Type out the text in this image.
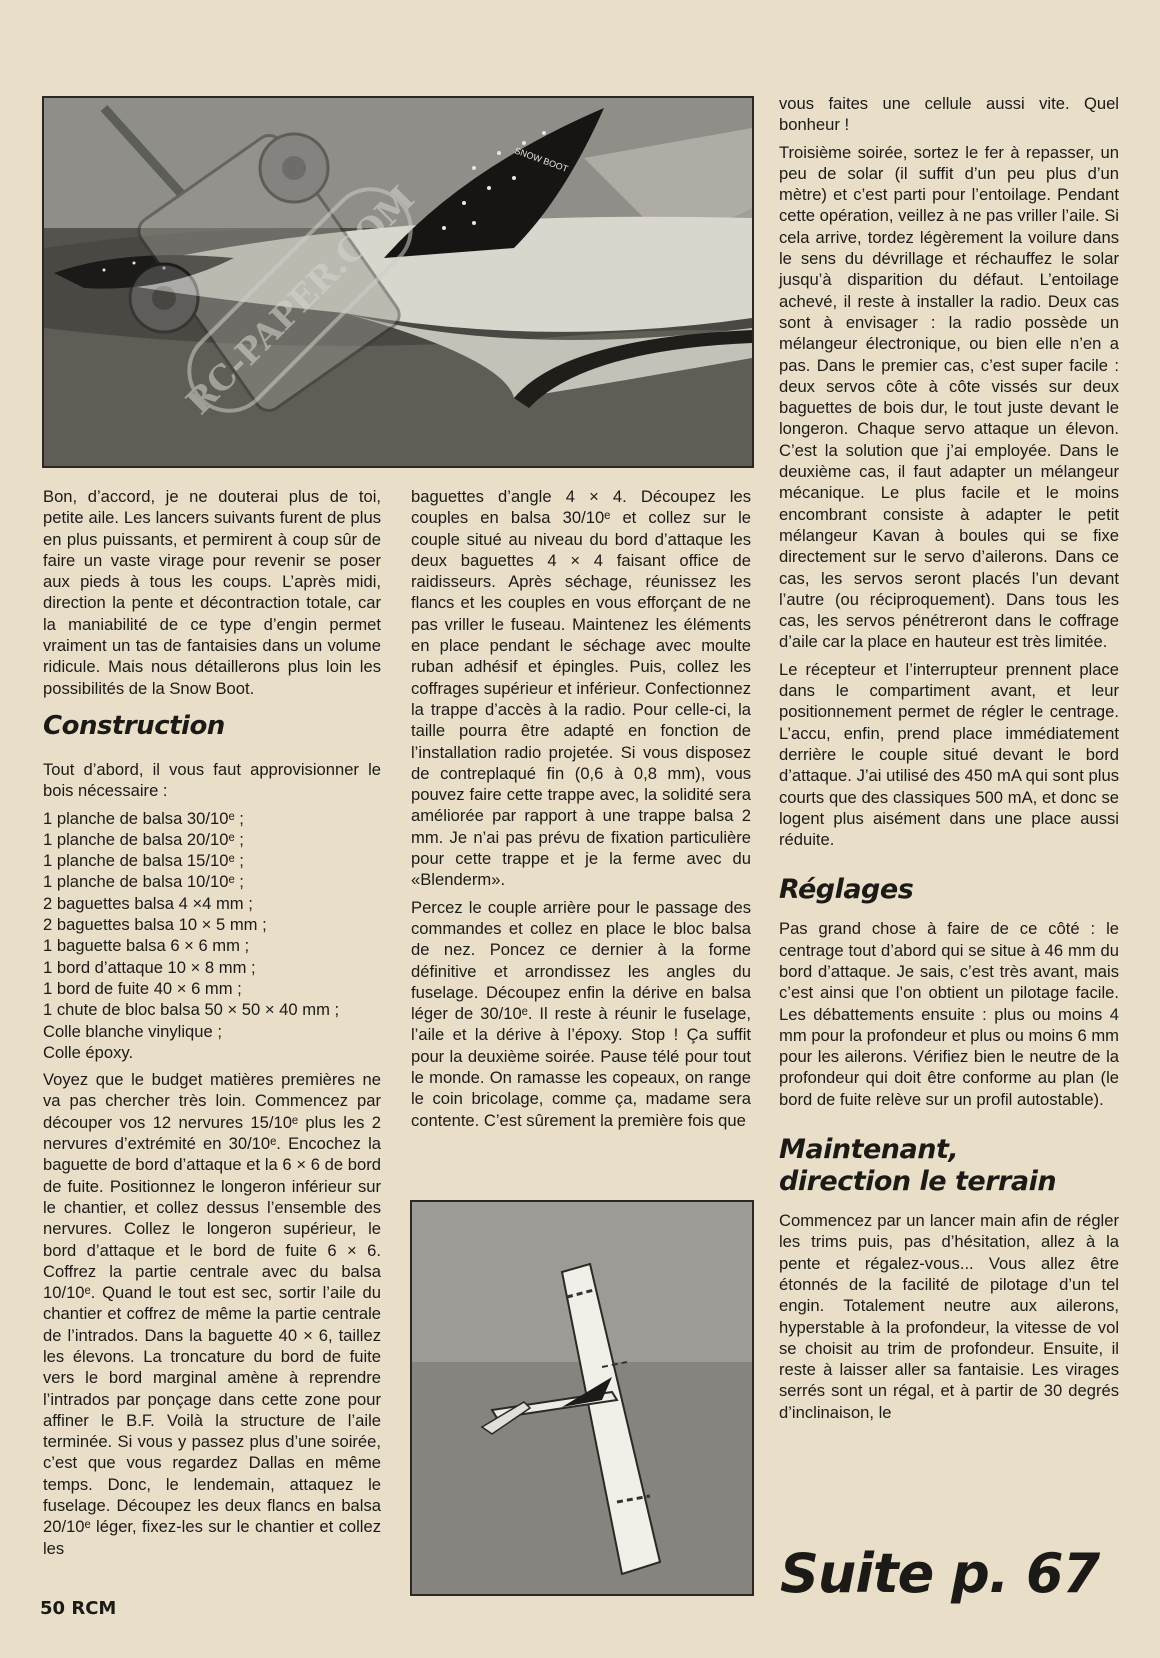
SNOW BOOT
RC-PAPER.COM

Bon, d’accord, je ne douterai plus de toi, petite aile. Les lancers suivants furent de plus en plus puissants, et permirent à coup sûr de faire un vaste virage pour revenir se poser aux pieds à tous les coups. L’après midi, direction la pente et décontraction totale, car la maniabilité de ce type d’engin permet vraiment un tas de fantaisies dans un volume ridicule. Mais nous détaillerons plus loin les possibilités de la Snow Boot.

Construction

Tout d’abord, il vous faut approvisionner le bois nécessaire :

1 planche de balsa 30/10ᵉ ;
1 planche de balsa 20/10ᵉ ;
1 planche de balsa 15/10ᵉ ;
1 planche de balsa 10/10ᵉ ;
2 baguettes balsa 4 ×4 mm ;
2 baguettes balsa 10 × 5 mm ;
1 baguette balsa 6 × 6 mm ;
1 bord d’attaque 10 × 8 mm ;
1 bord de fuite 40 × 6 mm ;
1 chute de bloc balsa 50 × 50 × 40 mm ;
Colle blanche vinylique ;
Colle époxy.

Voyez que le budget matières premières ne va pas chercher très loin. Commencez par découper vos 12 nervures 15/10ᵉ plus les 2 nervures d’extrémité en 30/10ᵉ. Encochez la baguette de bord d’attaque et la 6 × 6 de bord de fuite. Positionnez le longeron inférieur sur le chantier, et collez dessus l’ensemble des nervures. Collez le longeron supérieur, le bord d’attaque et le bord de fuite 6 × 6. Coffrez la partie centrale avec du balsa 10/10ᵉ. Quand le tout est sec, sortir l’aile du chantier et coffrez de même la partie centrale de l’intrados. Dans la baguette 40 × 6, taillez les élevons. La troncature du bord de fuite vers le bord marginal amène à reprendre l’intrados par ponçage dans cette zone pour affiner le B.F. Voilà la structure de l’aile terminée. Si vous y passez plus d’une soirée, c’est que vous regardez Dallas en même temps. Donc, le lendemain, attaquez le fuselage. Découpez les deux flancs en balsa 20/10ᵉ léger, fixez-les sur le chantier et collez les

baguettes d’angle 4 × 4. Découpez les couples en balsa 30/10ᵉ et collez sur le couple situé au niveau du bord d’attaque les deux baguettes 4 × 4 faisant office de raidisseurs. Après séchage, réunissez les flancs et les couples en vous efforçant de ne pas vriller le fuseau. Maintenez les éléments en place pendant le séchage avec moulte ruban adhésif et épingles. Puis, collez les coffrages supérieur et inférieur. Confectionnez la trappe d’accès à la radio. Pour celle-ci, la taille pourra être adapté en fonction de l’installation radio projetée. Si vous disposez de contreplaqué fin (0,6 à 0,8 mm), vous pouvez faire cette trappe avec, la solidité sera améliorée par rapport à une trappe balsa 2 mm. Je n’ai pas prévu de fixation particulière pour cette trappe et je la ferme avec du «Blenderm».

Percez le couple arrière pour le passage des commandes et collez en place le bloc balsa de nez. Poncez ce dernier à la forme définitive et arrondissez les angles du fuselage. Découpez enfin la dérive en balsa léger de 30/10ᵉ. Il reste à réunir le fuselage, l’aile et la dérive à l’époxy. Stop ! Ça suffit pour la deuxième soirée. Pause télé pour tout le monde. On ramasse les copeaux, on range le coin bricolage, comme ça, madame sera contente. C’est sûrement la première fois que

vous faites une cellule aussi vite. Quel bonheur !

Troisième soirée, sortez le fer à repasser, un peu de solar (il suffit d’un peu plus d’un mètre) et c’est parti pour l’entoilage. Pendant cette opération, veillez à ne pas vriller l’aile. Si cela arrive, tordez légèrement la voilure dans le sens du dévrillage et réchauffez le solar jusqu’à disparition du défaut. L’entoilage achevé, il reste à installer la radio. Deux cas sont à envisager : la radio possède un mélangeur électronique, ou bien elle n’en a pas. Dans le premier cas, c’est super facile : deux servos côte à côte vissés sur deux baguettes de bois dur, le tout juste devant le longeron. Chaque servo attaque un élevon. C’est la solution que j’ai employée. Dans le deuxième cas, il faut adapter un mélangeur mécanique. Le plus facile et le moins encombrant consiste à adapter le petit mélangeur Kavan à boules qui se fixe directement sur le servo d’ailerons. Dans ce cas, les servos seront placés l’un devant l’autre (ou réciproquement). Dans tous les cas, les servos pénétreront dans le coffrage d’aile car la place en hauteur est très limitée.

Le récepteur et l’interrupteur prennent place dans le compartiment avant, et leur positionnement permet de régler le centrage. L’accu, enfin, prend place immédiatement derrière le couple situé devant le bord d’attaque. J’ai utilisé des 450 mA qui sont plus courts que des classiques 500 mA, et donc se logent plus aisément dans une place aussi réduite.

Réglages

Pas grand chose à faire de ce côté : le centrage tout d’abord qui se situe à 46 mm du bord d’attaque. Je sais, c’est très avant, mais c’est ainsi que l’on obtient un pilotage facile. Les débattements ensuite : plus ou moins 4 mm pour la profondeur et plus ou moins 6 mm pour les ailerons. Vérifiez bien le neutre de la profondeur qui doit être conforme au plan (le bord de fuite relève sur un profil autostable).

Maintenant,
direction le terrain

Commencez par un lancer main afin de régler les trims puis, pas d’hésitation, allez à la pente et régalez-vous... Vous allez être étonnés de la facilité de pilotage d’un tel engin. Totalement neutre aux ailerons, hyperstable à la profondeur, la vitesse de vol se choisit au trim de profondeur. Ensuite, il reste à laisser aller sa fantaisie. Les virages serrés sont un régal, et à partir de 30 degrés d’inclinaison, le

Suite p. 67
50 RCM
